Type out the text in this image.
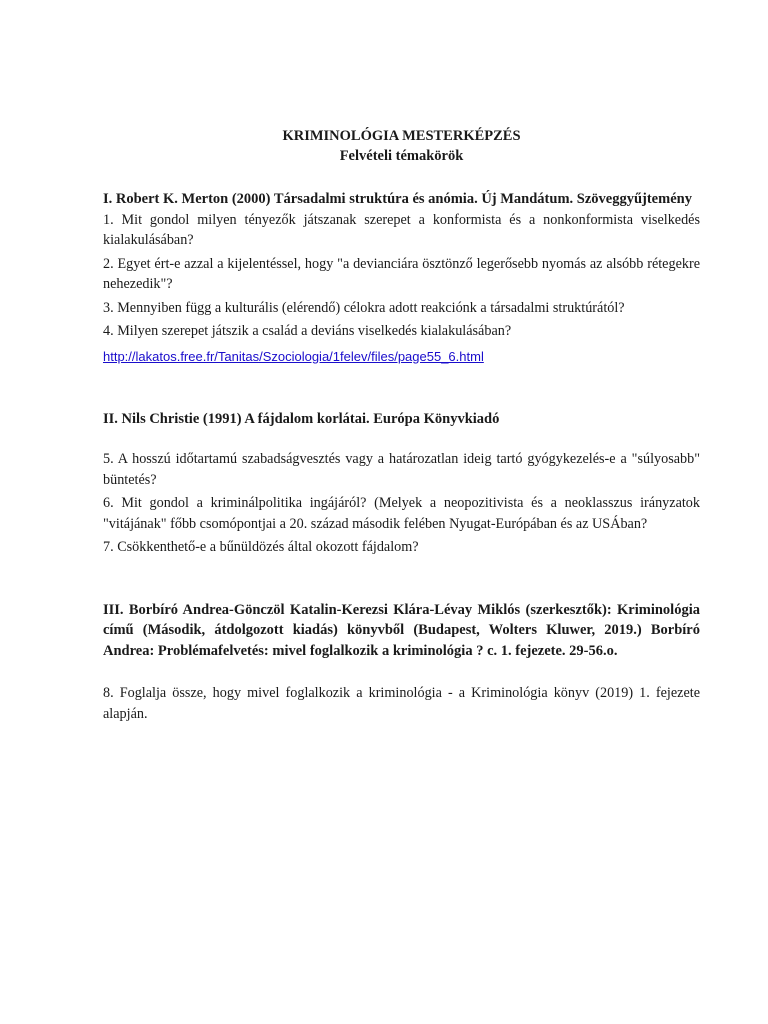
KRIMINOLÓGIA MESTERKÉPZÉS

Felvételi témakörök

I. Robert K. Merton (2000) Társadalmi struktúra és anómia. Új Mandátum. Szöveggyűjtemény

1. Mit gondol milyen tényezők játszanak szerepet a konformista és a nonkonformista viselkedés kialakulásában?

2. Egyet ért-e azzal a kijelentéssel, hogy "a devianciára ösztönző legerősebb nyomás az alsóbb rétegekre nehezedik"?

3. Mennyiben függ a kulturális (elérendő) célokra adott reakciónk a társadalmi struktúrától?

4. Milyen szerepet játszik a család a deviáns viselkedés kialakulásában?

http://lakatos.free.fr/Tanitas/Szociologia/1felev/files/page55_6.html

II. Nils Christie (1991) A fájdalom korlátai. Európa Könyvkiadó

5. A hosszú időtartamú szabadságvesztés vagy a határozatlan ideig tartó gyógykezelés-e a "súlyosabb" büntetés?

6. Mit gondol a kriminálpolitika ingájáról? (Melyek a neopozitivista és a neoklasszus irányzatok "vitájának" főbb csomópontjai a 20. század második felében Nyugat-Európában és az USÁban?

7. Csökkenthető-e a bűnüldözés által okozott fájdalom?

III. Borbíró Andrea-Gönczöl Katalin-Kerezsi Klára-Lévay Miklós (szerkesztők): Kriminológia című (Második, átdolgozott kiadás) könyvből (Budapest, Wolters Kluwer, 2019.) Borbíró Andrea: Problémafelvetés: mivel foglalkozik a kriminológia ? c. 1. fejezete. 29-56.o.

8. Foglalja össze, hogy mivel foglalkozik a kriminológia - a Kriminológia könyv (2019) 1. fejezete alapján.
